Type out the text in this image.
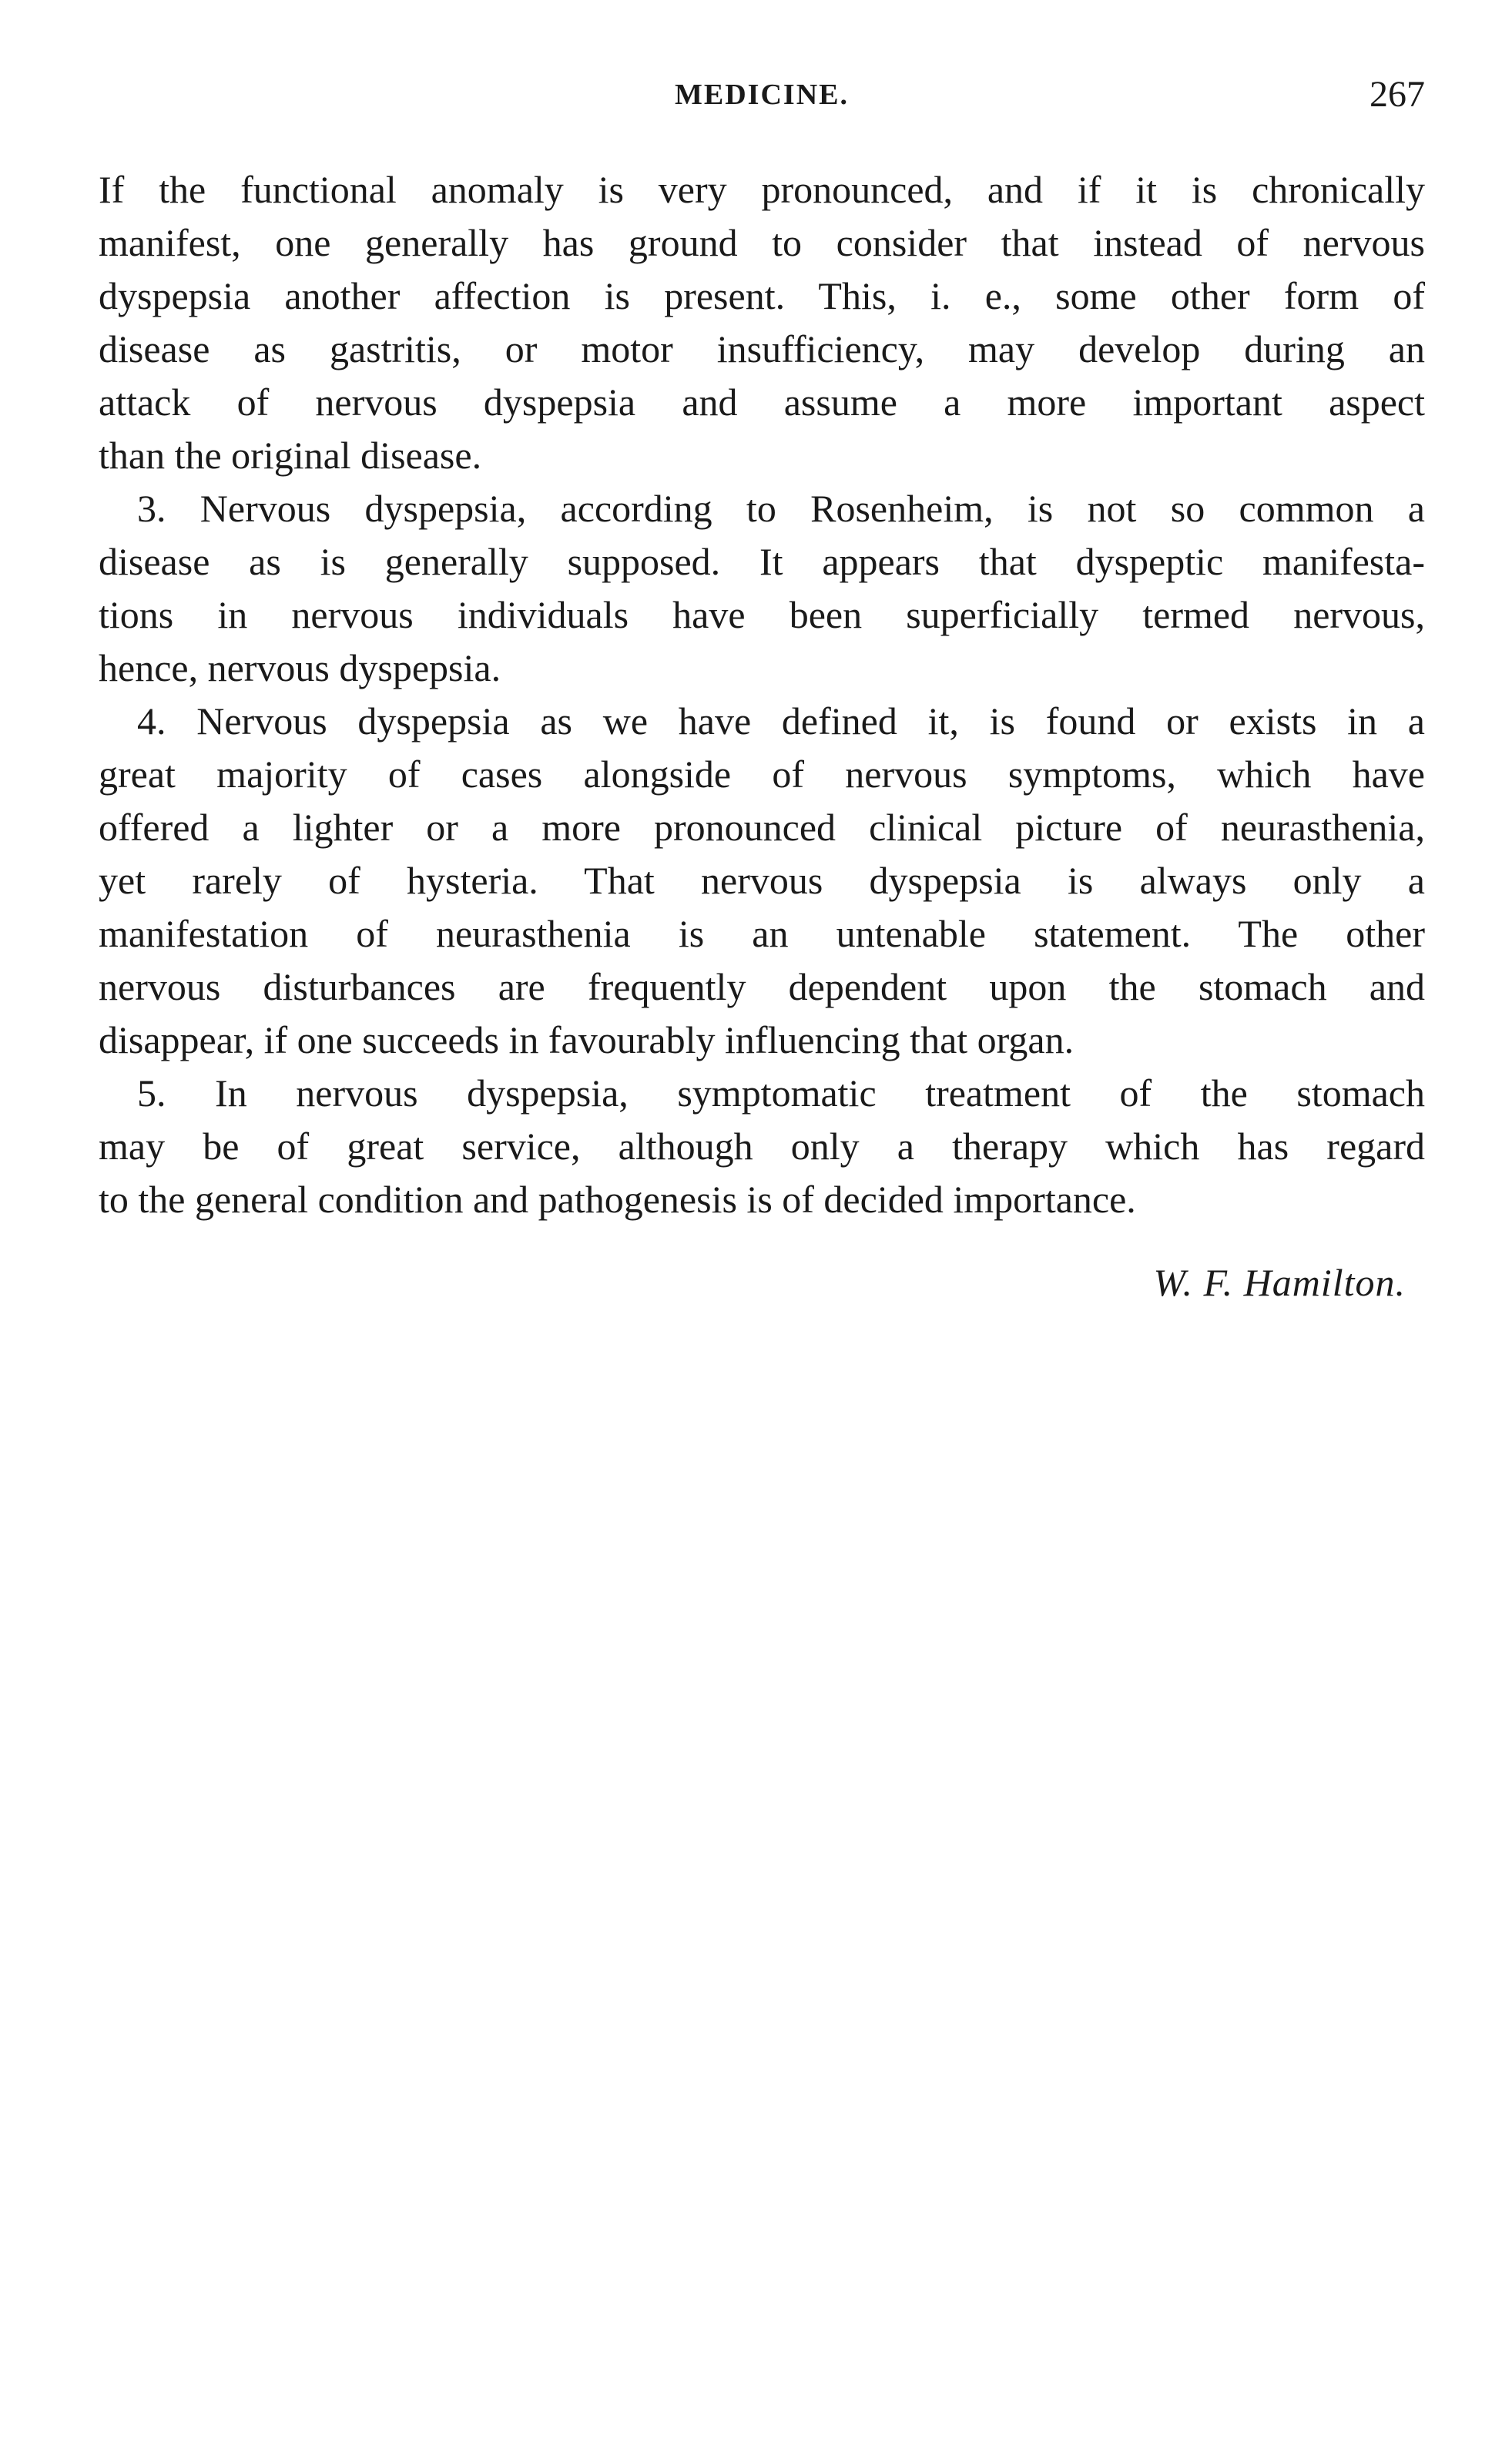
MEDICINE.	267
If the functional anomaly is very pronounced, and if it is chronically
manifest, one generally has ground to consider that instead of nervous
dyspepsia another affection is present. This, i. e., some other form of
disease as gastritis, or motor insufficiency, may develop during an
attack of nervous dyspepsia and assume a more important aspect
than the original disease.
3. Nervous dyspepsia, according to Rosenheim, is not so common a
disease as is generally supposed. It appears that dyspeptic manifesta-
tions in nervous individuals have been superficially termed nervous,
hence, nervous dyspepsia.
4. Nervous dyspepsia as we have defined it, is found or exists in a
great majority of cases alongside of nervous symptoms, which have
offered a lighter or a more pronounced clinical picture of neurasthenia,
yet rarely of hysteria. That nervous dyspepsia is always only a
manifestation of neurasthenia is an untenable statement. The other
nervous disturbances are frequently dependent upon the stomach and
disappear, if one succeeds in favourably influencing that organ.
5. In nervous dyspepsia, symptomatic treatment of the stomach
may be of great service, although only a therapy which has regard
to the general condition and pathogenesis is of decided importance.
W. F. Hamilton.
